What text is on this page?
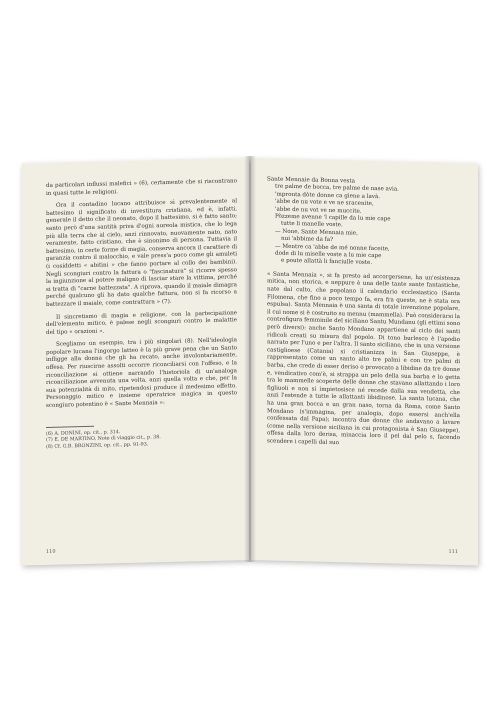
da particolari influssi malefici » (6), certamente che si riscontrano in quasi tutte le religioni.

Ora il contadino lucano attribuisce sì prevalentemente al battesimo il significato di investitura cristiana, ed è, infatti, generale il detto che il neonato, dopo il battesimo, si è fatto santo; santo però d'una santità priva d'ogni aureola mistica, che lo lega più alla terra che al cielo, anzi rinnovato, nuovamente nato, nato veramente, fatto cristiano, che è sinonimo di persona. Tuttavia il battesimo, in certe forme di magia, conserva ancora il carattere di garanzia contro il malocchio, e vale press'a poco come gli amuleti (i cosiddetti « abitini » che fanno portare al collo dei bambini). Negli scongiuri contro la fattura o "fascinatura" si ricorre spesso la ingiunzione al potere maligno di lasciar stare la vittima, perché si tratta di "carne battezzata". A riprova, quando il maiale dimagra perché qualcuno gli ha dato qualche fattura, non si fa ricorso a battezzare il maiale, come contrattura » (7).

Il sincretismo di magia e religione, con la partecipazione dell'elemento mitico, è palese negli scongiuri contro le malattie del tipo « orazioni ».

Scegliamo un esempio, tra i più singolari (8). Nell'ideologia popolare lucana l'ingorgo latteo è la più grave pena che un Santo infligge alla donna che gli ha recato, anche involontariamente, offesa. Per riuscirne assolti occorre riconciliarsi con l'offeso, e la riconciliazione si ottiene narrando l'historiola di un'analoga riconciliazione avvenuta una volta, anzi quella volta e che, per la sua potenzialità di mito, ripetendosi produce il medesimo effetto. Personaggio mitico e insieme operatrice magica in questo scongiuro potentino è « Sante Mennaia »:

(6) A. DONINI, op. cit., p. 314.

(7) E. DE MARTINO, Note di viaggio cit., p. 38.

(8) Cf. G.B. BRONZINI, op. cit., pp. 91-93.

110
Sante Mennaie da Bonna vesta
tre palme de bocca, tre palme de nase avia.
'mpronta dòte donne ca gìene a lavà.
'abbe de nu vote e ve ne sracenite,
'abbe de nu vot ve ne muccite.
Pòzzeme avenne 'l capille da lu mie cape
tutte li manelle voste.
— None, Sante Mennaia mie,
nui 'abbime da fa?
— Mentre ca 'abbe de mé nonne faceite,
dode di lu miselle voste a lu mie cape
e poute allattà li fanciulle voste.

« Santa Mennaia », si fa presto ad accorgersene, ha un'esistenza mitica, non storica, e neppure è una delle tante sante fantastiche, nate dal culto, che popolano il calendario ecclesiastico (Santa Filomena, che fino a poco tempo fa, era fra queste, ne è stata ora espulsa). Santa Mennaia è una santa di totale invenzione popolare, il cui nome si è costruito su mennu (mammella). Può considerarsi la controfigura femminile del siciliano Santu Mundanu (gli ettimi sono però diversi): anche Santo Mondano appartiene al ciclo dei santi ridicoli creati su misura dal popolo. Di tono burlesco è l'apodio narrato per l'uno e per l'altra. Il santo siciliano, che in una versione castiglioese (Catania) si cristianizza in San Giuseppe, è rappresentato come un santo alto tre palmi e con tre palmi di barba, che crede di esser deriso o provocato a libidine da tre donne e, vendicativo com'è, si strappa un pelo della sua barba e lo getta tra le mammelle scoperte delle donne che stavano allattando i loro figliuoli e non si impietosisce né recede dalla sua vendetta, che anzi l'estende a tutte le allattanti libidinose. La santa lucana, che ha una gran bocca e un gran naso, torna da Roma, come Santo Mondano (s'immagina, per analogia, dopo essersi anch'ella confessata dal Papa); incontra due donne che andavano a lavare (come nella versione siciliana in cui protagonista è San Giuseppe), offesa dalla loro derisa, minaccia loro il pel dal pelo s, facendo scendere i capelli dal suo

111
